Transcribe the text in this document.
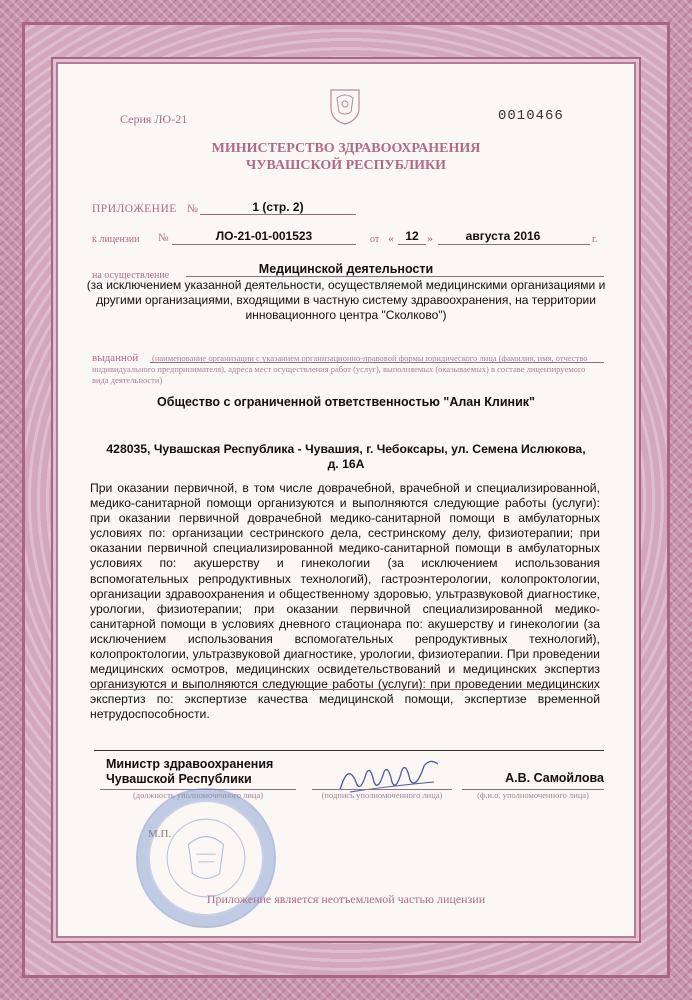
Серия ЛО-21	0010466
МИНИСТЕРСТВО ЗДРАВООХРАНЕНИЯ
ЧУВАШСКОЙ РЕСПУБЛИКИ
ПРИЛОЖЕНИЕ №	1 (стр. 2)
к лицензии №	ЛО-21-01-001523	от « 12 »	августа 2016	г.
на осуществление	Медицинской деятельности
(за исключением указанной деятельности, осуществляемой медицинскими организациями и другими организациями, входящими в частную систему здравоохранения, на территории инновационного центра "Сколково")
выданной	(наименование организации с указанием организационно-правовой формы юридического лица (фамилия, имя, отчество индивидуального предпринимателя), адреса мест осуществления работ (услуг), выполняемых (оказываемых) в составе лицензируемого вида деятельности)
Общество с ограниченной ответственностью "Алан Клиник"
428035, Чувашская Республика - Чувашия, г. Чебоксары, ул. Семена Ислюкова,
д. 16А
При оказании первичной, в том числе доврачебной, врачебной и специализированной, медико-санитарной помощи организуются и выполняются следующие работы (услуги): при оказании первичной доврачебной медико-санитарной помощи в амбулаторных условиях по: организации сестринского дела, сестринскому делу, физиотерапии; при оказании первичной специализированной медико-санитарной помощи в амбулаторных условиях по: акушерству и гинекологии (за исключением использования вспомогательных репродуктивных технологий), гастроэнтерологии, колопроктологии, организации здравоохранения и общественному здоровью, ультразвуковой диагностике, урологии, физиотерапии; при оказании первичной специализированной медико-санитарной помощи в условиях дневного стационара по: акушерству и гинекологии (за исключением использования вспомогательных репродуктивных технологий), колопроктологии, ультразвуковой диагностике, урологии, физиотерапии. При проведении медицинских осмотров, медицинских освидетельствований и медицинских экспертиз организуются и выполняются следующие работы (услуги): при проведении медицинских экспертиз по: экспертизе качества медицинской помощи, экспертизе временной нетрудоспособности.
Министр здравоохранения
Чувашской Республики
(должность уполномоченного лица)	(подпись уполномоченного лица)
А.В. Самойлова
(ф.и.о. уполномоченного лица)
М.П.
Приложение является неотъемлемой частью лицензии
